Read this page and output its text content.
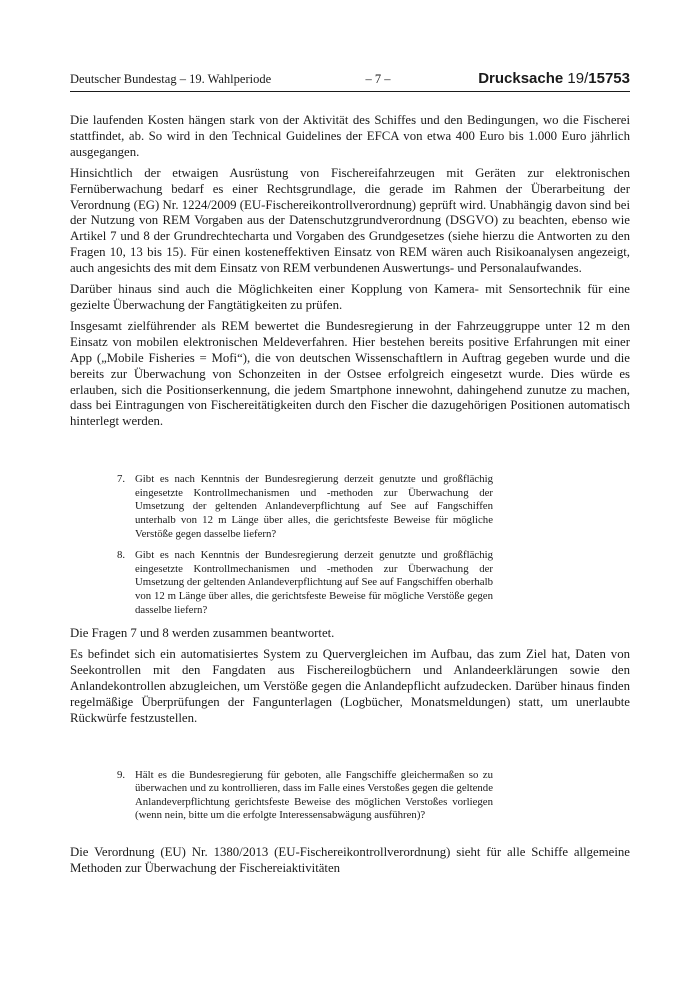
Deutscher Bundestag – 19. Wahlperiode	– 7 –	Drucksache 19/15753

Die laufenden Kosten hängen stark von der Aktivität des Schiffes und den Bedingungen, wo die Fischerei stattfindet, ab. So wird in den Technical Guidelines der EFCA von etwa 400 Euro bis 1.000 Euro jährlich ausgegangen.

Hinsichtlich der etwaigen Ausrüstung von Fischereifahrzeugen mit Geräten zur elektronischen Fernüberwachung bedarf es einer Rechtsgrundlage, die gerade im Rahmen der Überarbeitung der Verordnung (EG) Nr. 1224/2009 (EU-Fischereikontrollverordnung) geprüft wird. Unabhängig davon sind bei der Nutzung von REM Vorgaben aus der Datenschutzgrundverordnung (DSGVO) zu beachten, ebenso wie Artikel 7 und 8 der Grundrechtecharta und Vorgaben des Grundgesetzes (siehe hierzu die Antworten zu den Fragen 10, 13 bis 15). Für einen kosteneffektiven Einsatz von REM wären auch Risikoanalysen angezeigt, auch angesichts des mit dem Einsatz von REM verbundenen Auswertungs- und Personalaufwandes.

Darüber hinaus sind auch die Möglichkeiten einer Kopplung von Kamera- mit Sensortechnik für eine gezielte Überwachung der Fangtätigkeiten zu prüfen.

Insgesamt zielführender als REM bewertet die Bundesregierung in der Fahrzeuggruppe unter 12 m den Einsatz von mobilen elektronischen Meldeverfahren. Hier bestehen bereits positive Erfahrungen mit einer App („Mobile Fisheries = Mofi“), die von deutschen Wissenschaftlern in Auftrag gegeben wurde und die bereits zur Überwachung von Schonzeiten in der Ostsee erfolgreich eingesetzt wurde. Dies würde es erlauben, sich die Positionserkennung, die jedem Smartphone innewohnt, dahingehend zunutze zu machen, dass bei Eintragungen von Fischereitätigkeiten durch den Fischer die dazugehörigen Positionen automatisch hinterlegt werden.

7. Gibt es nach Kenntnis der Bundesregierung derzeit genutzte und großflächig eingesetzte Kontrollmechanismen und -methoden zur Überwachung der Umsetzung der geltenden Anlandeverpflichtung auf See auf Fangschiffen unterhalb von 12 m Länge über alles, die gerichtsfeste Beweise für mögliche Verstöße gegen dasselbe liefern?

8. Gibt es nach Kenntnis der Bundesregierung derzeit genutzte und großflächig eingesetzte Kontrollmechanismen und -methoden zur Überwachung der Umsetzung der geltenden Anlandeverpflichtung auf See auf Fangschiffen oberhalb von 12 m Länge über alles, die gerichtsfeste Beweise für mögliche Verstöße gegen dasselbe liefern?

Die Fragen 7 und 8 werden zusammen beantwortet.

Es befindet sich ein automatisiertes System zu Quervergleichen im Aufbau, das zum Ziel hat, Daten von Seekontrollen mit den Fangdaten aus Fischereilogbüchern und Anlandeerklärungen sowie den Anlandekontrollen abzugleichen, um Verstöße gegen die Anlandepflicht aufzudecken. Darüber hinaus finden regelmäßige Überprüfungen der Fangunterlagen (Logbücher, Monatsmeldungen) statt, um unerlaubte Rückwürfe festzustellen.

9. Hält es die Bundesregierung für geboten, alle Fangschiffe gleichermaßen so zu überwachen und zu kontrollieren, dass im Falle eines Verstoßes gegen die geltende Anlandeverpflichtung gerichtsfeste Beweise des möglichen Verstoßes vorliegen (wenn nein, bitte um die erfolgte Interessensabwägung ausführen)?

Die Verordnung (EU) Nr. 1380/2013 (EU-Fischereikontrollverordnung) sieht für alle Schiffe allgemeine Methoden zur Überwachung der Fischereiaktivitäten
